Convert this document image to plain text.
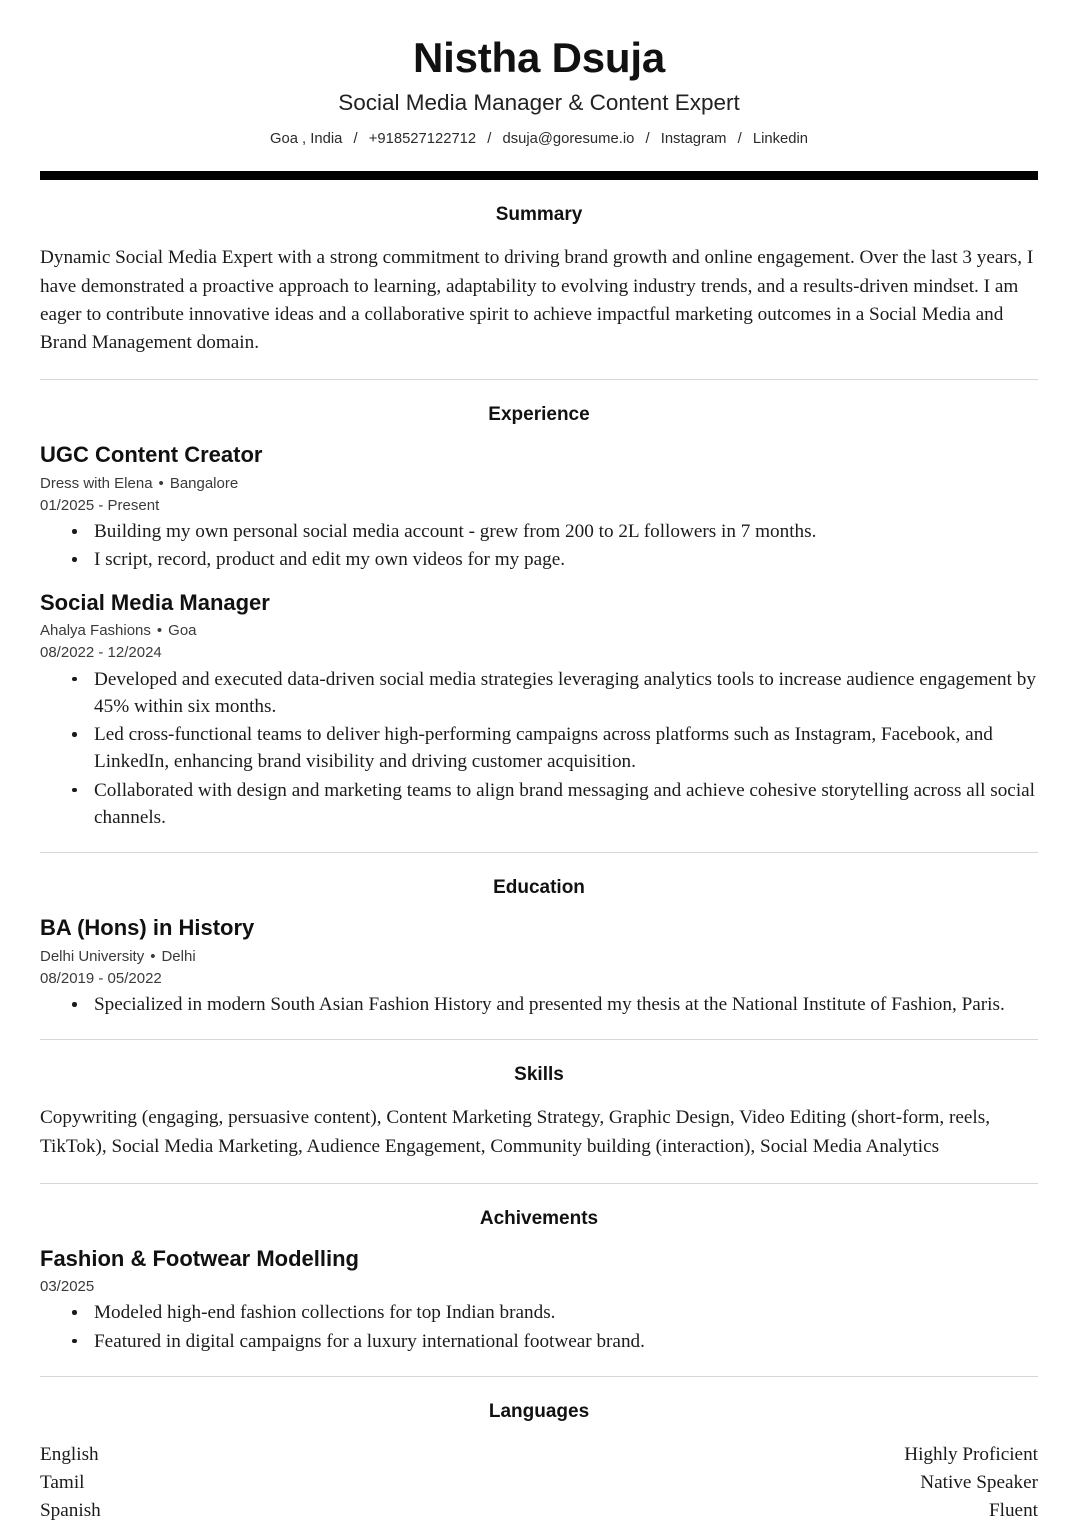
Nistha Dsuja
Social Media Manager & Content Expert
Goa , India / +918527122712 / dsuja@goresume.io / Instagram / Linkedin
Summary

Dynamic Social Media Expert with a strong commitment to driving brand growth and online engagement. Over the last 3 years, I have demonstrated a proactive approach to learning, adaptability to evolving industry trends, and a results-driven mindset. I am eager to contribute innovative ideas and a collaborative spirit to achieve impactful marketing outcomes in a Social Media and Brand Management domain.

Experience
UGC Content Creator
Dress with Elena • Bangalore
01/2025 - Present
Building my own personal social media account - grew from 200 to 2L followers in 7 months.
I script, record, product and edit my own videos for my page.
Social Media Manager
Ahalya Fashions • Goa
08/2022 - 12/2024
Developed and executed data-driven social media strategies leveraging analytics tools to increase audience engagement by 45% within six months.
Led cross-functional teams to deliver high-performing campaigns across platforms such as Instagram, Facebook, and LinkedIn, enhancing brand visibility and driving customer acquisition.
Collaborated with design and marketing teams to align brand messaging and achieve cohesive storytelling across all social channels.
Education
BA (Hons) in History
Delhi University • Delhi
08/2019 - 05/2022
Specialized in modern South Asian Fashion History and presented my thesis at the National Institute of Fashion, Paris.
Skills

Copywriting (engaging, persuasive content), Content Marketing Strategy, Graphic Design, Video Editing (short-form, reels, TikTok), Social Media Marketing, Audience Engagement, Community building (interaction), Social Media Analytics

Achivements
Fashion & Footwear Modelling
03/2025
Modeled high-end fashion collections for top Indian brands.
Featured in digital campaigns for a luxury international footwear brand.
Languages
English	Highly Proficient
Tamil	Native Speaker
Spanish	Fluent
